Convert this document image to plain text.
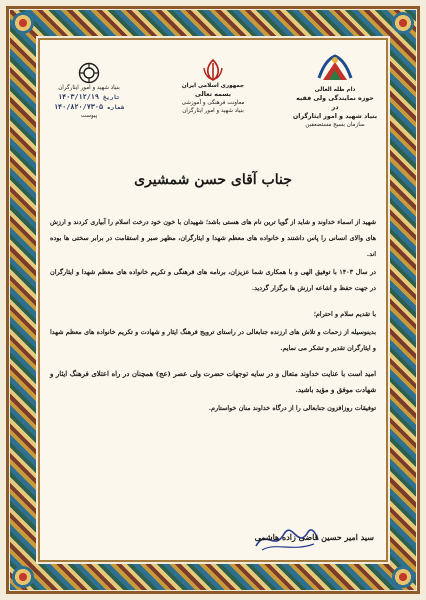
دام ظله العالی
حوزه نمایندگی ولی فقیه در
بنیاد شهید و امور ایثارگران
سازمان بسیج مستضعفین
جمهوری اسلامی ایران
بسمه تعالی
معاونت فرهنگی و آموزشی
بنیاد شهید و امور ایثارگران
بنیاد شهید و امور ایثارگران
۱۴۰۳/۱۲/۱۹ تاریخ
۱۴۰/۸۲۰/۷۳۰۵ شماره
پیوست
جناب آقای حسن شمشیری

شهید از اسماء خداوند و شاید از گویا ترین نام های هستی باشد؛ شهیدان با خون خود درخت اسلام را آبیاری کردند و ارزش های والای انسانی را پاس داشتند و خانواده های معظم شهدا و ایثارگران، مظهر صبر و استقامت در برابر سختی ها بوده اند.

در سال ۱۴۰۳ با توفیق الهی و با همکاری شما عزیزان، برنامه های فرهنگی و تکریم خانواده های معظم شهدا و ایثارگران در جهت حفظ و اشاعه ارزش ها برگزار گردید.

با تقدیم سلام و احترام؛

بدینوسیله از زحمات و تلاش های ارزنده جنابعالی در راستای ترویج فرهنگ ایثار و شهادت و تکریم خانواده های معظم شهدا و ایثارگران تقدیر و تشکر می نمایم.

امید است با عنایت خداوند متعال و در سایه توجهات حضرت ولی عصر (عج) همچنان در راه اعتلای فرهنگ ایثار و شهادت موفق و مؤید باشید.

توفیقات روزافزون جنابعالی را از درگاه خداوند منان خواستارم.

سید امیر حسین قاضی زاده هاشمی
